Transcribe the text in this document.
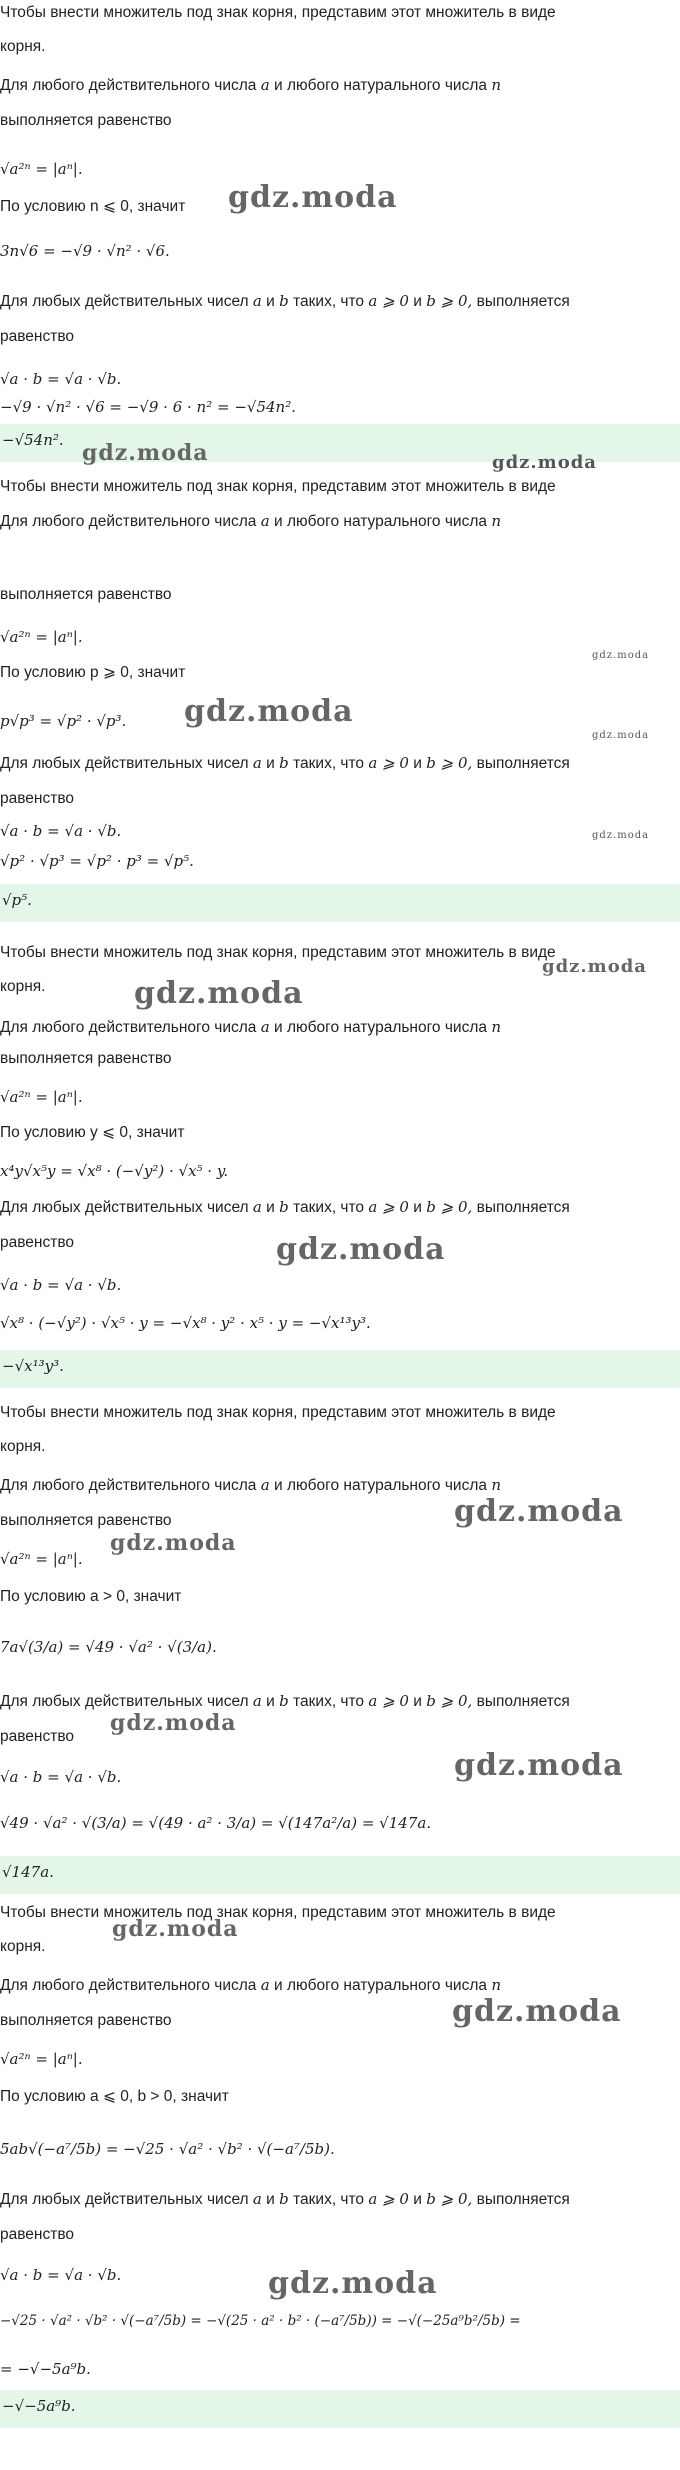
Чтобы внести множитель под знак корня, представим этот множитель в виде
корня.
Для любого действительного числа a и любого натурального числа n
выполняется равенство
√a²ⁿ = |aⁿ|.
По условию n ⩽ 0, значит
3n√6 = −√9 · √n² · √6.
Для любых действительных чисел a и b таких, что a ⩾ 0 и b ⩾ 0, выполняется
равенство
√a · b = √a · √b.
−√9 · √n² · √6 = −√9 · 6 · n² = −√54n².
−√54n².
gdz.moda
gdz.moda	gdz.moda
Чтобы внести множитель под знак корня, представим этот множитель в виде
Для любого действительного числа a и любого натурального числа n
выполняется равенство
√a²ⁿ = |aⁿ|.
По условию p ⩾ 0, значит
p√p³ = √p² · √p³.
Для любых действительных чисел a и b таких, что a ⩾ 0 и b ⩾ 0, выполняется
равенство
√a · b = √a · √b.
√p² · √p³ = √p² · p³ = √p⁵.
√p⁵.
gdz.moda
gdz.moda
gdz.moda
gdz.moda
Чтобы внести множитель под знак корня, представим этот множитель в виде
корня.
Для любого действительного числа a и любого натурального числа n
выполняется равенство
√a²ⁿ = |aⁿ|.
По условию y ⩽ 0, значит
x⁴y√x⁵y = √x⁸ · (−√y²) · √x⁵ · y.
Для любых действительных чисел a и b таких, что a ⩾ 0 и b ⩾ 0, выполняется
равенство
√a · b = √a · √b.
√x⁸ · (−√y²) · √x⁵ · y = −√x⁸ · y² · x⁵ · y = −√x¹³y³.
−√x¹³y³.
gdz.moda
gdz.moda
gdz.moda
Чтобы внести множитель под знак корня, представим этот множитель в виде
корня.
Для любого действительного числа a и любого натурального числа n
выполняется равенство
√a²ⁿ = |aⁿ|.
По условию a > 0, значит
7a√(3/a) = √49 · √a² · √(3/a).
Для любых действительных чисел a и b таких, что a ⩾ 0 и b ⩾ 0, выполняется
равенство
√a · b = √a · √b.
√49 · √a² · √(3/a) = √(49 · a² · 3/a) = √(147a²/a) = √147a.
√147a.
gdz.moda
gdz.moda
gdz.moda
gdz.moda
Чтобы внести множитель под знак корня, представим этот множитель в виде
корня.
Для любого действительного числа a и любого натурального числа n
выполняется равенство
√a²ⁿ = |aⁿ|.
По условию a ⩽ 0, b > 0, значит
5ab√(−a⁷/5b) = −√25 · √a² · √b² · √(−a⁷/5b).
Для любых действительных чисел a и b таких, что a ⩾ 0 и b ⩾ 0, выполняется
равенство
√a · b = √a · √b.
−√25 · √a² · √b² · √(−a⁷/5b) = −√(25 · a² · b² · (−a⁷/5b)) = −√(−25a⁹b²/5b) =
= −√−5a⁹b.
−√−5a⁹b.
gdz.moda
gdz.moda
gdz.moda
